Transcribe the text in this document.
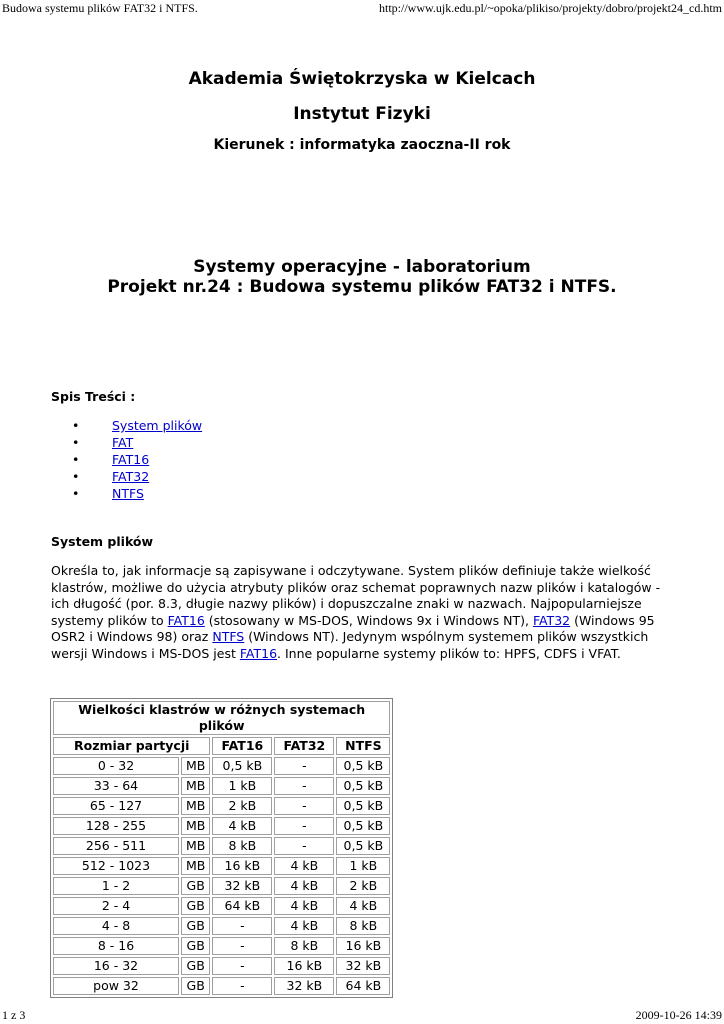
Budowa systemu plików FAT32 i NTFS.	http://www.ujk.edu.pl/~opoka/plikiso/projekty/dobro/projekt24_cd.htm
Akademia Świętokrzyska w Kielcach
Instytut Fizyki
Kierunek : informatyka zaoczna-II rok
Systemy operacyjne - laboratorium
Projekt nr.24 : Budowa systemu plików FAT32 i NTFS.
Spis Treści :
•	System plików
•	FAT
•	FAT16
•	FAT32
•	NTFS
System plików
Określa to, jak informacje są zapisywane i odczytywane. System plików definiuje także wielkość klastrów, możliwe do użycia atrybuty plików oraz schemat poprawnych nazw plików i katalogów - ich długość (por. 8.3, długie nazwy plików) i dopuszczalne znaki w nazwach. Najpopularniejsze systemy plików to FAT16 (stosowany w MS-DOS, Windows 9x i Windows NT), FAT32 (Windows 95 OSR2 i Windows 98) oraz NTFS (Windows NT). Jedynym wspólnym systemem plików wszystkich wersji Windows i MS-DOS jest FAT16. Inne popularne systemy plików to: HPFS, CDFS i VFAT.
Wielkości klastrów w różnych systemach plików				
Rozmiar partycji		FAT16	FAT32	NTFS
0 - 32	MB	0,5 kB	-	0,5 kB
33 - 64	MB	1 kB	-	0,5 kB
65 - 127	MB	2 kB	-	0,5 kB
128 - 255	MB	4 kB	-	0,5 kB
256 - 511	MB	8 kB	-	0,5 kB
512 - 1023	MB	16 kB	4 kB	1 kB
1 - 2	GB	32 kB	4 kB	2 kB
2 - 4	GB	64 kB	4 kB	4 kB
4 - 8	GB	-	4 kB	8 kB
8 - 16	GB	-	8 kB	16 kB
16 - 32	GB	-	16 kB	32 kB
pow 32	GB	-	32 kB	64 kB
1 z 3	2009-10-26 14:39
